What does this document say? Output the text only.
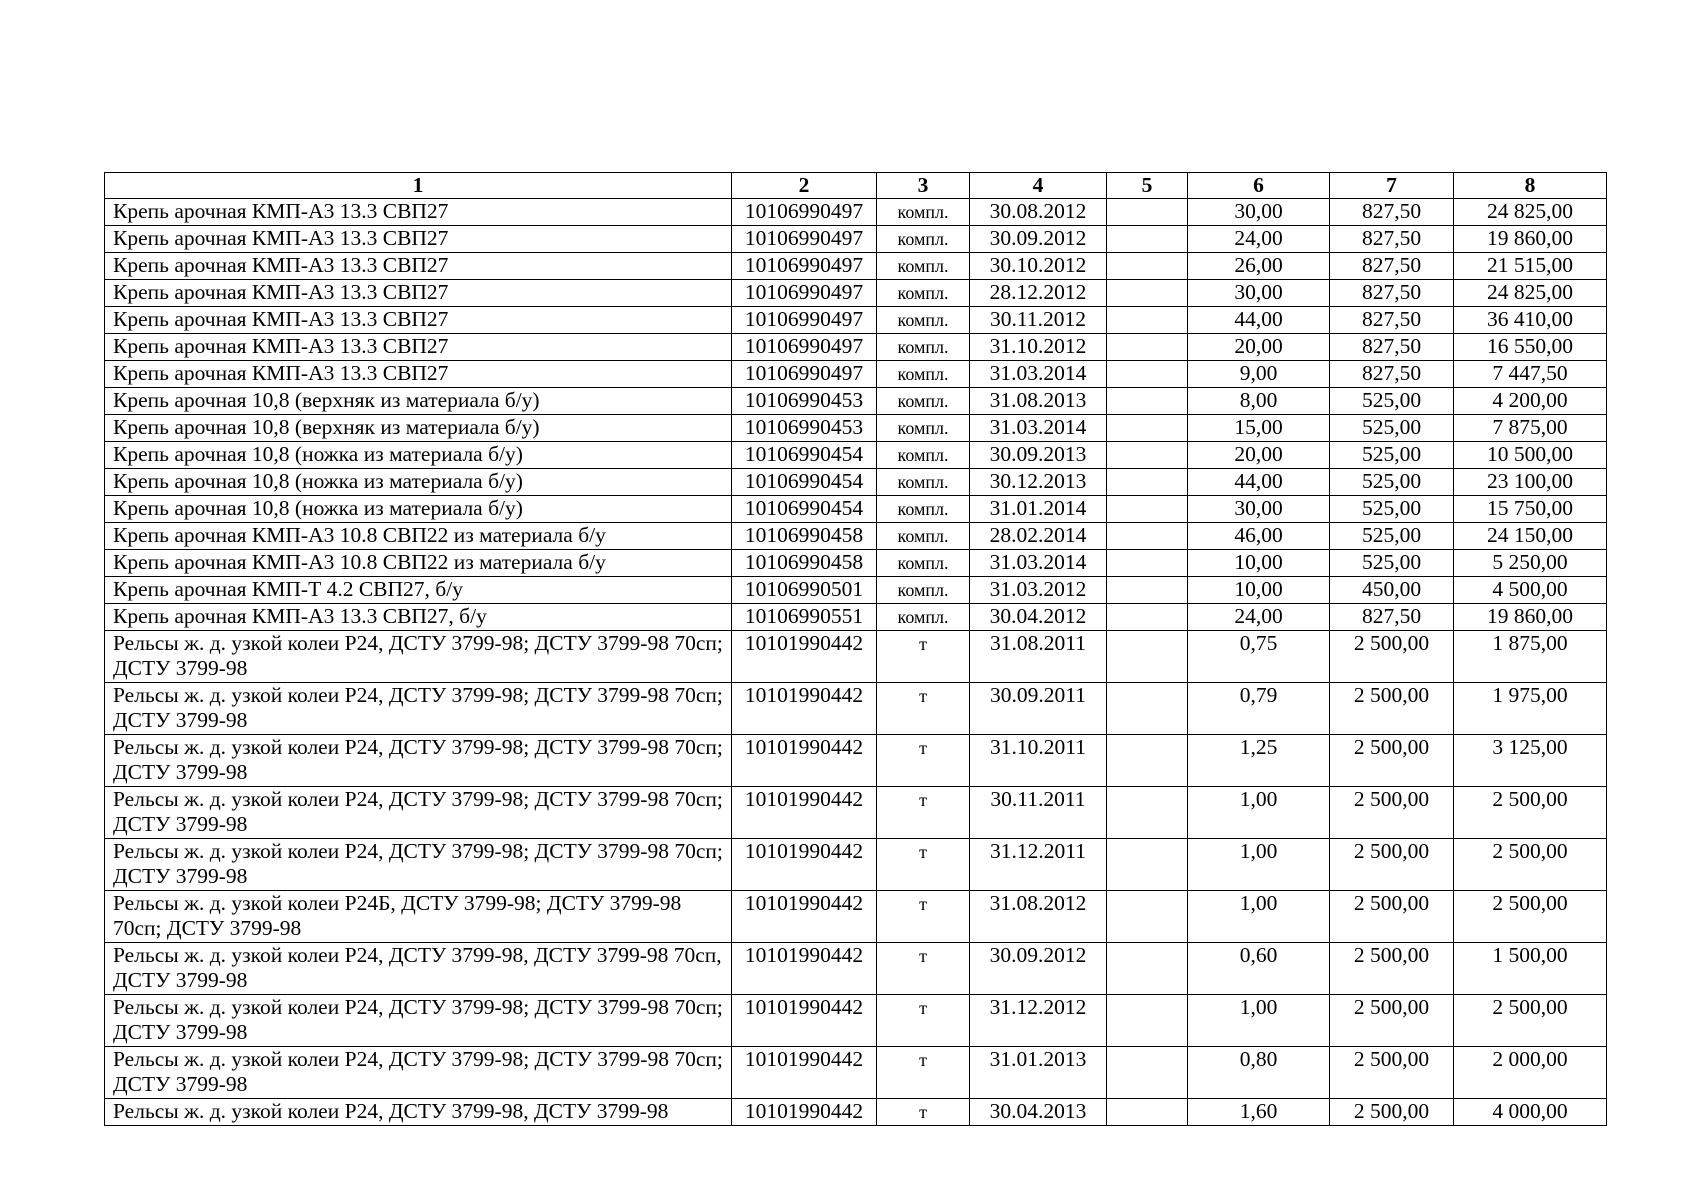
1	2	3	4	5	6	7	8
Крепь арочная КМП-А3 13.3 СВП27	10106990497	компл.	30.08.2012		30,00	827,50	24 825,00
Крепь арочная КМП-А3 13.3 СВП27	10106990497	компл.	30.09.2012		24,00	827,50	19 860,00
Крепь арочная КМП-А3 13.3 СВП27	10106990497	компл.	30.10.2012		26,00	827,50	21 515,00
Крепь арочная КМП-А3 13.3 СВП27	10106990497	компл.	28.12.2012		30,00	827,50	24 825,00
Крепь арочная КМП-А3 13.3 СВП27	10106990497	компл.	30.11.2012		44,00	827,50	36 410,00
Крепь арочная КМП-А3 13.3 СВП27	10106990497	компл.	31.10.2012		20,00	827,50	16 550,00
Крепь арочная КМП-А3 13.3 СВП27	10106990497	компл.	31.03.2014		9,00	827,50	7 447,50
Крепь арочная 10,8 (верхняк из материала б/у)	10106990453	компл.	31.08.2013		8,00	525,00	4 200,00
Крепь арочная 10,8 (верхняк из материала б/у)	10106990453	компл.	31.03.2014		15,00	525,00	7 875,00
Крепь арочная 10,8 (ножка из материала б/у)	10106990454	компл.	30.09.2013		20,00	525,00	10 500,00
Крепь арочная 10,8 (ножка из материала б/у)	10106990454	компл.	30.12.2013		44,00	525,00	23 100,00
Крепь арочная 10,8 (ножка из материала б/у)	10106990454	компл.	31.01.2014		30,00	525,00	15 750,00
Крепь арочная КМП-А3 10.8 СВП22 из материала б/у	10106990458	компл.	28.02.2014		46,00	525,00	24 150,00
Крепь арочная КМП-А3 10.8 СВП22 из материала б/у	10106990458	компл.	31.03.2014		10,00	525,00	5 250,00
Крепь арочная КМП-Т 4.2 СВП27, б/у	10106990501	компл.	31.03.2012		10,00	450,00	4 500,00
Крепь арочная КМП-А3 13.3 СВП27, б/у	10106990551	компл.	30.04.2012		24,00	827,50	19 860,00
Рельсы ж. д. узкой колеи Р24, ДСТУ 3799-98; ДСТУ 3799-98 70сп; ДСТУ 3799-98	10101990442	т	31.08.2011		0,75	2 500,00	1 875,00
Рельсы ж. д. узкой колеи Р24, ДСТУ 3799-98; ДСТУ 3799-98 70сп; ДСТУ 3799-98	10101990442	т	30.09.2011		0,79	2 500,00	1 975,00
Рельсы ж. д. узкой колеи Р24, ДСТУ 3799-98; ДСТУ 3799-98 70сп; ДСТУ 3799-98	10101990442	т	31.10.2011		1,25	2 500,00	3 125,00
Рельсы ж. д. узкой колеи Р24, ДСТУ 3799-98; ДСТУ 3799-98 70сп; ДСТУ 3799-98	10101990442	т	30.11.2011		1,00	2 500,00	2 500,00
Рельсы ж. д. узкой колеи Р24, ДСТУ 3799-98; ДСТУ 3799-98 70сп; ДСТУ 3799-98	10101990442	т	31.12.2011		1,00	2 500,00	2 500,00
Рельсы ж. д. узкой колеи Р24Б, ДСТУ 3799-98; ДСТУ 3799-98 70сп; ДСТУ 3799-98	10101990442	т	31.08.2012		1,00	2 500,00	2 500,00
Рельсы ж. д. узкой колеи Р24, ДСТУ 3799-98, ДСТУ 3799-98 70сп, ДСТУ 3799-98	10101990442	т	30.09.2012		0,60	2 500,00	1 500,00
Рельсы ж. д. узкой колеи Р24, ДСТУ 3799-98; ДСТУ 3799-98 70сп; ДСТУ 3799-98	10101990442	т	31.12.2012		1,00	2 500,00	2 500,00
Рельсы ж. д. узкой колеи Р24, ДСТУ 3799-98; ДСТУ 3799-98 70сп; ДСТУ 3799-98	10101990442	т	31.01.2013		0,80	2 500,00	2 000,00
Рельсы ж. д. узкой колеи Р24, ДСТУ 3799-98, ДСТУ 3799-98	10101990442	т	30.04.2013		1,60	2 500,00	4 000,00
